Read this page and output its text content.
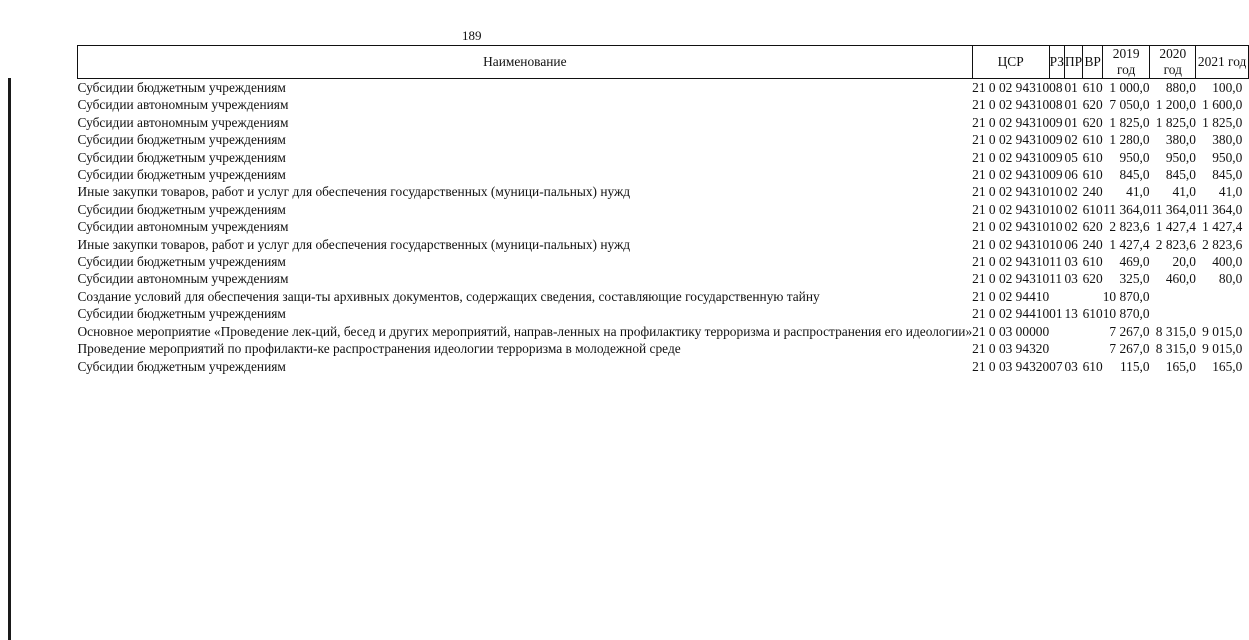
189
Наименование	ЦСР	РЗ	ПР	ВР	2019 год	2020 год	2021 год
Субсидии бюджетным учреждениям	21 0 02 94310	08	01	610	1 000,0	880,0	100,0
Субсидии автономным учреждениям	21 0 02 94310	08	01	620	7 050,0	1 200,0	1 600,0
Субсидии автономным учреждениям	21 0 02 94310	09	01	620	1 825,0	1 825,0	1 825,0
Субсидии бюджетным учреждениям	21 0 02 94310	09	02	610	1 280,0	380,0	380,0
Субсидии бюджетным учреждениям	21 0 02 94310	09	05	610	950,0	950,0	950,0
Субсидии бюджетным учреждениям	21 0 02 94310	09	06	610	845,0	845,0	845,0
Иные закупки товаров, работ и услуг для обеспечения государственных (муници-пальных) нужд	21 0 02 94310	10	02	240	41,0	41,0	41,0
Субсидии бюджетным учреждениям	21 0 02 94310	10	02	610	11 364,0	11 364,0	11 364,0
Субсидии автономным учреждениям	21 0 02 94310	10	02	620	2 823,6	1 427,4	1 427,4
Иные закупки товаров, работ и услуг для обеспечения государственных (муници-пальных) нужд	21 0 02 94310	10	06	240	1 427,4	2 823,6	2 823,6
Субсидии бюджетным учреждениям	21 0 02 94310	11	03	610	469,0	20,0	400,0
Субсидии автономным учреждениям	21 0 02 94310	11	03	620	325,0	460,0	80,0
Создание условий для обеспечения защи-ты архивных документов, содержащих сведения, составляющие государственную тайну	21 0 02 94410				10 870,0		
Субсидии бюджетным учреждениям	21 0 02 94410	01	13	610	10 870,0		
Основное мероприятие «Проведение лек-ций, бесед и других мероприятий, направ-ленных на профилактику терроризма и распространения его идеологии»	21 0 03 00000				7 267,0	8 315,0	9 015,0
Проведение мероприятий по профилакти-ке распространения идеологии терроризма в молодежной среде	21 0 03 94320				7 267,0	8 315,0	9 015,0
Субсидии бюджетным учреждениям	21 0 03 94320	07	03	610	115,0	165,0	165,0
